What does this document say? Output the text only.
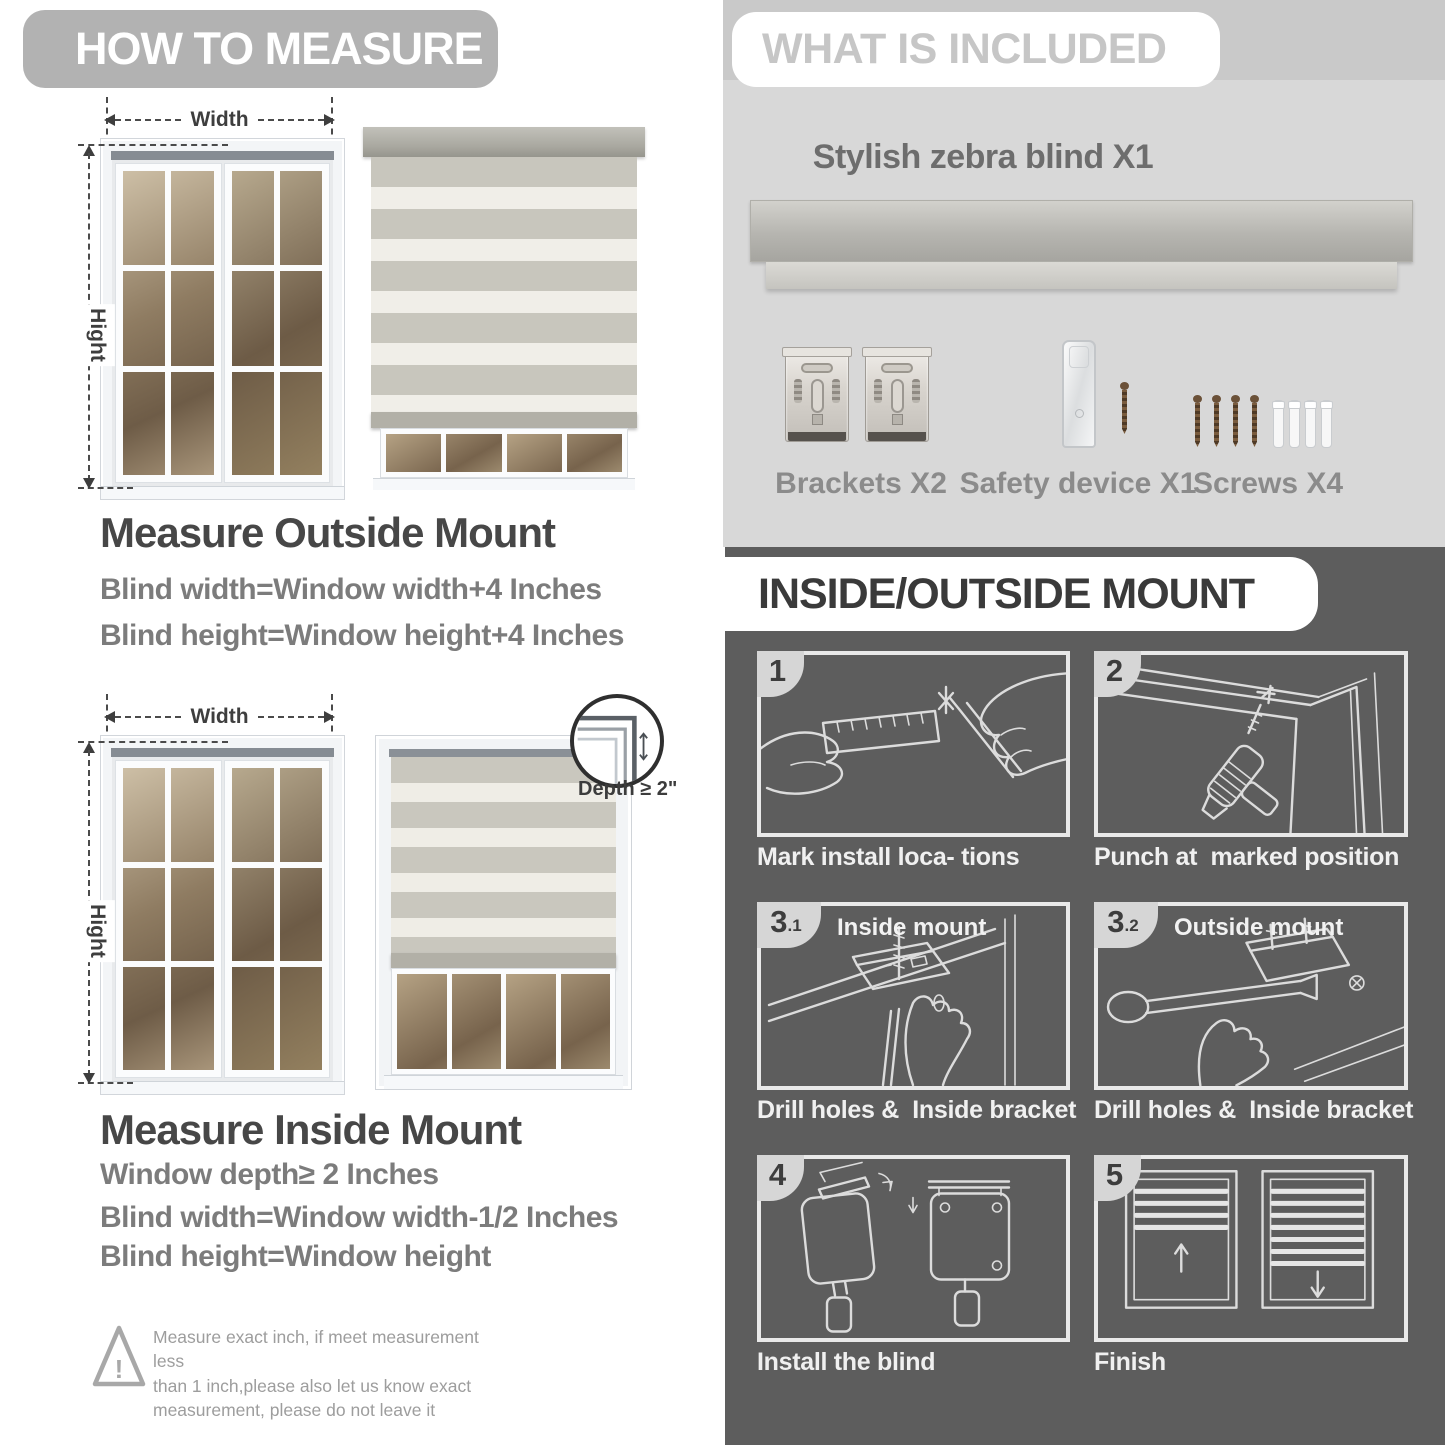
HOW TO MEASURE
Width
Hight
Measure Outside Mount
Blind width=Window width+4 Inches
Blind height=Window height+4 Inches
Width
Hight
Depth ≥ 2"
Measure Inside Mount
Window depth≥ 2 Inches
Blind width=Window width-1/2 Inches
Blind height=Window height
!
Measure exact inch, if meet measurement less
than 1 inch,please also let us know exact
measurement, please do not leave it
WHAT IS INCLUDED
Stylish zebra blind X1
Brackets X2 Safety device X1
Screws X4
INSIDE/OUTSIDE MOUNT
1	2
Mark install loca- tions	Punch at  marked position
3 .1 Inside mount	3 .2 Outside mount
Drill holes &  Inside bracket Drill holes &  Inside bracket
4	5
Install the blind	Finish
